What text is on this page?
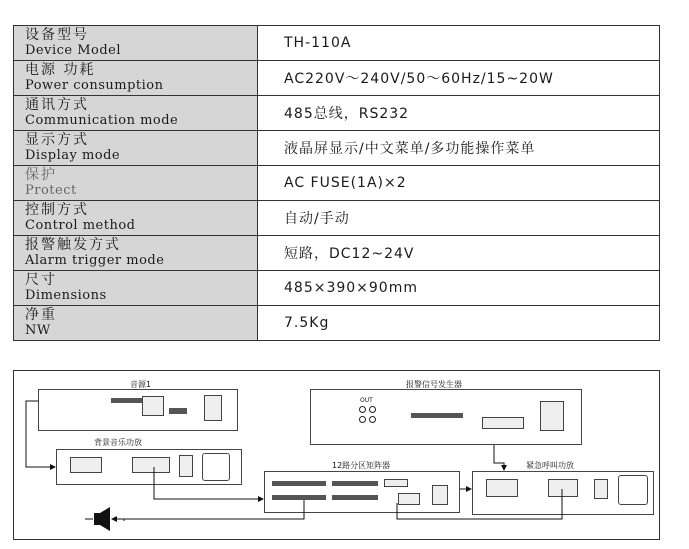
设备型号
Device Model	TH-110A

电源 功耗
Power consumption	AC220V～240V/50～60Hz/15~20W

通讯方式
Communication mode	485总线，RS232

显示方式
Display mode	液晶屏显示/中文菜单/多功能操作菜单

保护
Protect	AC FUSE(1A)×2

控制方式
Control method	自动/手动

报警触发方式
Alarm trigger mode	短路，DC12~24V

尺寸
Dimensions	485×390×90mm

净重
NW	7.5Kg
音源1
背景音乐功放
报警信号发生器
OUT
12路分区矩阵器	紧急呼叫功放
